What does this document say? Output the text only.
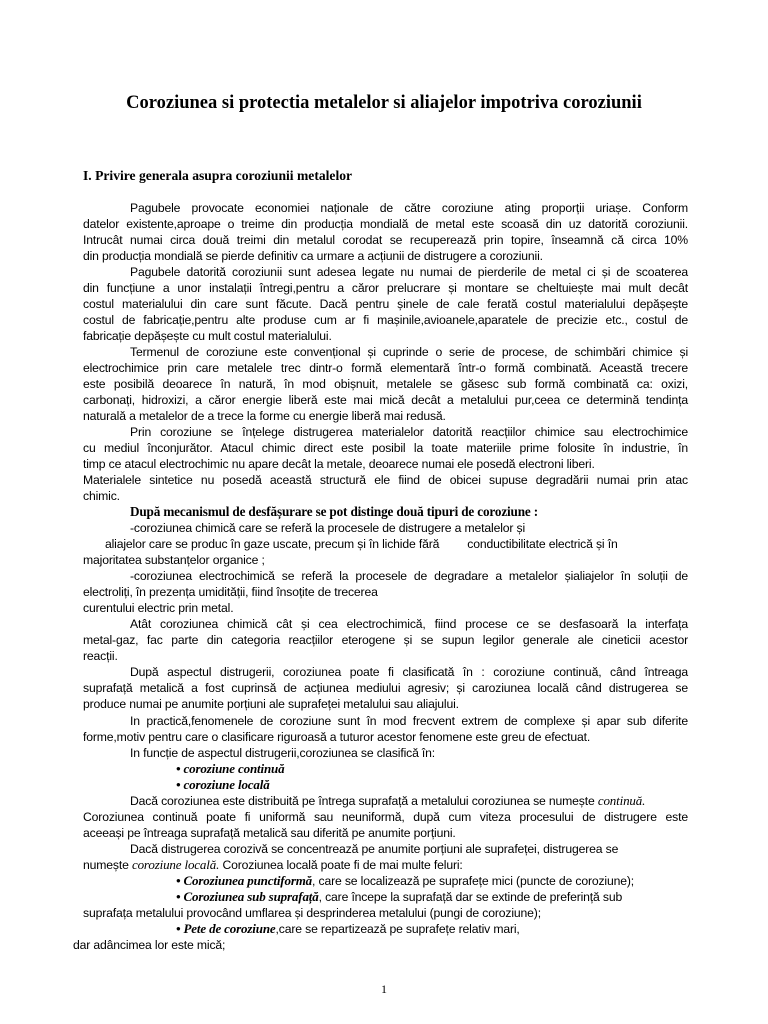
Coroziunea si protectia metalelor si aliajelor impotriva coroziunii
I. Privire generala asupra coroziunii metalelor
Pagubele provocate economiei naționale de către coroziune ating proporții uriașe. Conform
datelor existente,aproape o treime din producția mondială de metal este scoasă din uz datorită coroziunii.
Intrucât numai circa două treimi din metalul corodat se recuperează prin topire, înseamnă că circa 10%
din producția mondială se pierde definitiv ca urmare a acțiunii de distrugere a coroziunii.
Pagubele datorită coroziunii sunt adesea legate nu numai de pierderile de metal ci și de scoaterea
din funcțiune a unor instalații întregi,pentru a căror prelucrare și montare se cheltuiește mai mult decât
costul materialului din care sunt făcute. Dacă pentru șinele de cale ferată costul materialului depășește
costul de fabricație,pentru alte produse cum ar fi mașinile,avioanele,aparatele de precizie etc., costul de
fabricație depășește cu mult costul materialului.
Termenul de coroziune este convențional și cuprinde o serie de procese, de schimbări chimice și
electrochimice prin care metalele trec dintr-o formă elementară într-o formă combinată. Această trecere
este posibilă deoarece în natură, în mod obișnuit, metalele se găsesc sub formă combinată ca: oxizi,
carbonați, hidroxizi, a căror energie liberă este mai mică decât a metalului pur,ceea ce determină tendința
naturală a metalelor de a trece la forme cu energie liberă mai redusă.
Prin coroziune se înțelege distrugerea materialelor datorită reacțiilor chimice sau electrochimice
cu mediul înconjurător. Atacul chimic direct este posibil la toate materiile prime folosite în industrie, în
timp ce atacul electrochimic nu apare decât la metale, deoarece numai ele posedă electroni liberi.
Materialele sintetice nu posedă această structură ele fiind de obicei supuse degradării numai prin atac
chimic.
După mecanismul de desfășurare se pot distinge două tipuri de coroziune :
-coroziunea chimică care se referă la procesele de distrugere a metalelor și
aliajelor care se produc în gaze uscate, precum și în lichide fără conductibilitate electrică și în
majoritatea substanțelor organice ;
-coroziunea electrochimică se referă la procesele de degradare a metalelor șialiajelor în soluții de
electroliți, în prezența umidității, fiind însoțite de trecerea
curentului electric prin metal.
Atât coroziunea chimică cât și cea electrochimică, fiind procese ce se desfasoară la interfața
metal-gaz, fac parte din categoria reacțiilor eterogene și se supun legilor generale ale cineticii acestor
reacții.
După aspectul distrugerii, coroziunea poate fi clasificată în : coroziune continuă, când întreaga
suprafață metalică a fost cuprinsă de acțiunea mediului agresiv; și caroziunea locală când distrugerea se
produce numai pe anumite porțiuni ale suprafeței metalului sau aliajului.
In practică,fenomenele de coroziune sunt în mod frecvent extrem de complexe și apar sub diferite
forme,motiv pentru care o clasificare riguroasă a tuturor acestor fenomene este greu de efectuat.
In funcție de aspectul distrugerii,coroziunea se clasifică în:
• coroziune continuă
• coroziune locală
Dacă coroziunea este distribuită pe întrega suprafață a metalului coroziunea se numește continuă.
Coroziunea continuă poate fi uniformă sau neuniformă, după cum viteza procesului de distrugere este
aceeași pe întreaga suprafață metalică sau diferită pe anumite porțiuni.
Dacă distrugerea corozivă se concentrează pe anumite porțiuni ale suprafeței, distrugerea se
numește coroziune locală. Coroziunea locală poate fi de mai multe feluri:
• Coroziunea punctiformă, care se localizează pe suprafețe mici (puncte de coroziune);
• Coroziunea sub suprafață, care începe la suprafață dar se extinde de preferință sub
suprafața metalului provocând umflarea și desprinderea metalului (pungi de coroziune);
• Pete de coroziune,care se repartizează pe suprafețe relativ mari,
dar adâncimea lor este mică;
1
